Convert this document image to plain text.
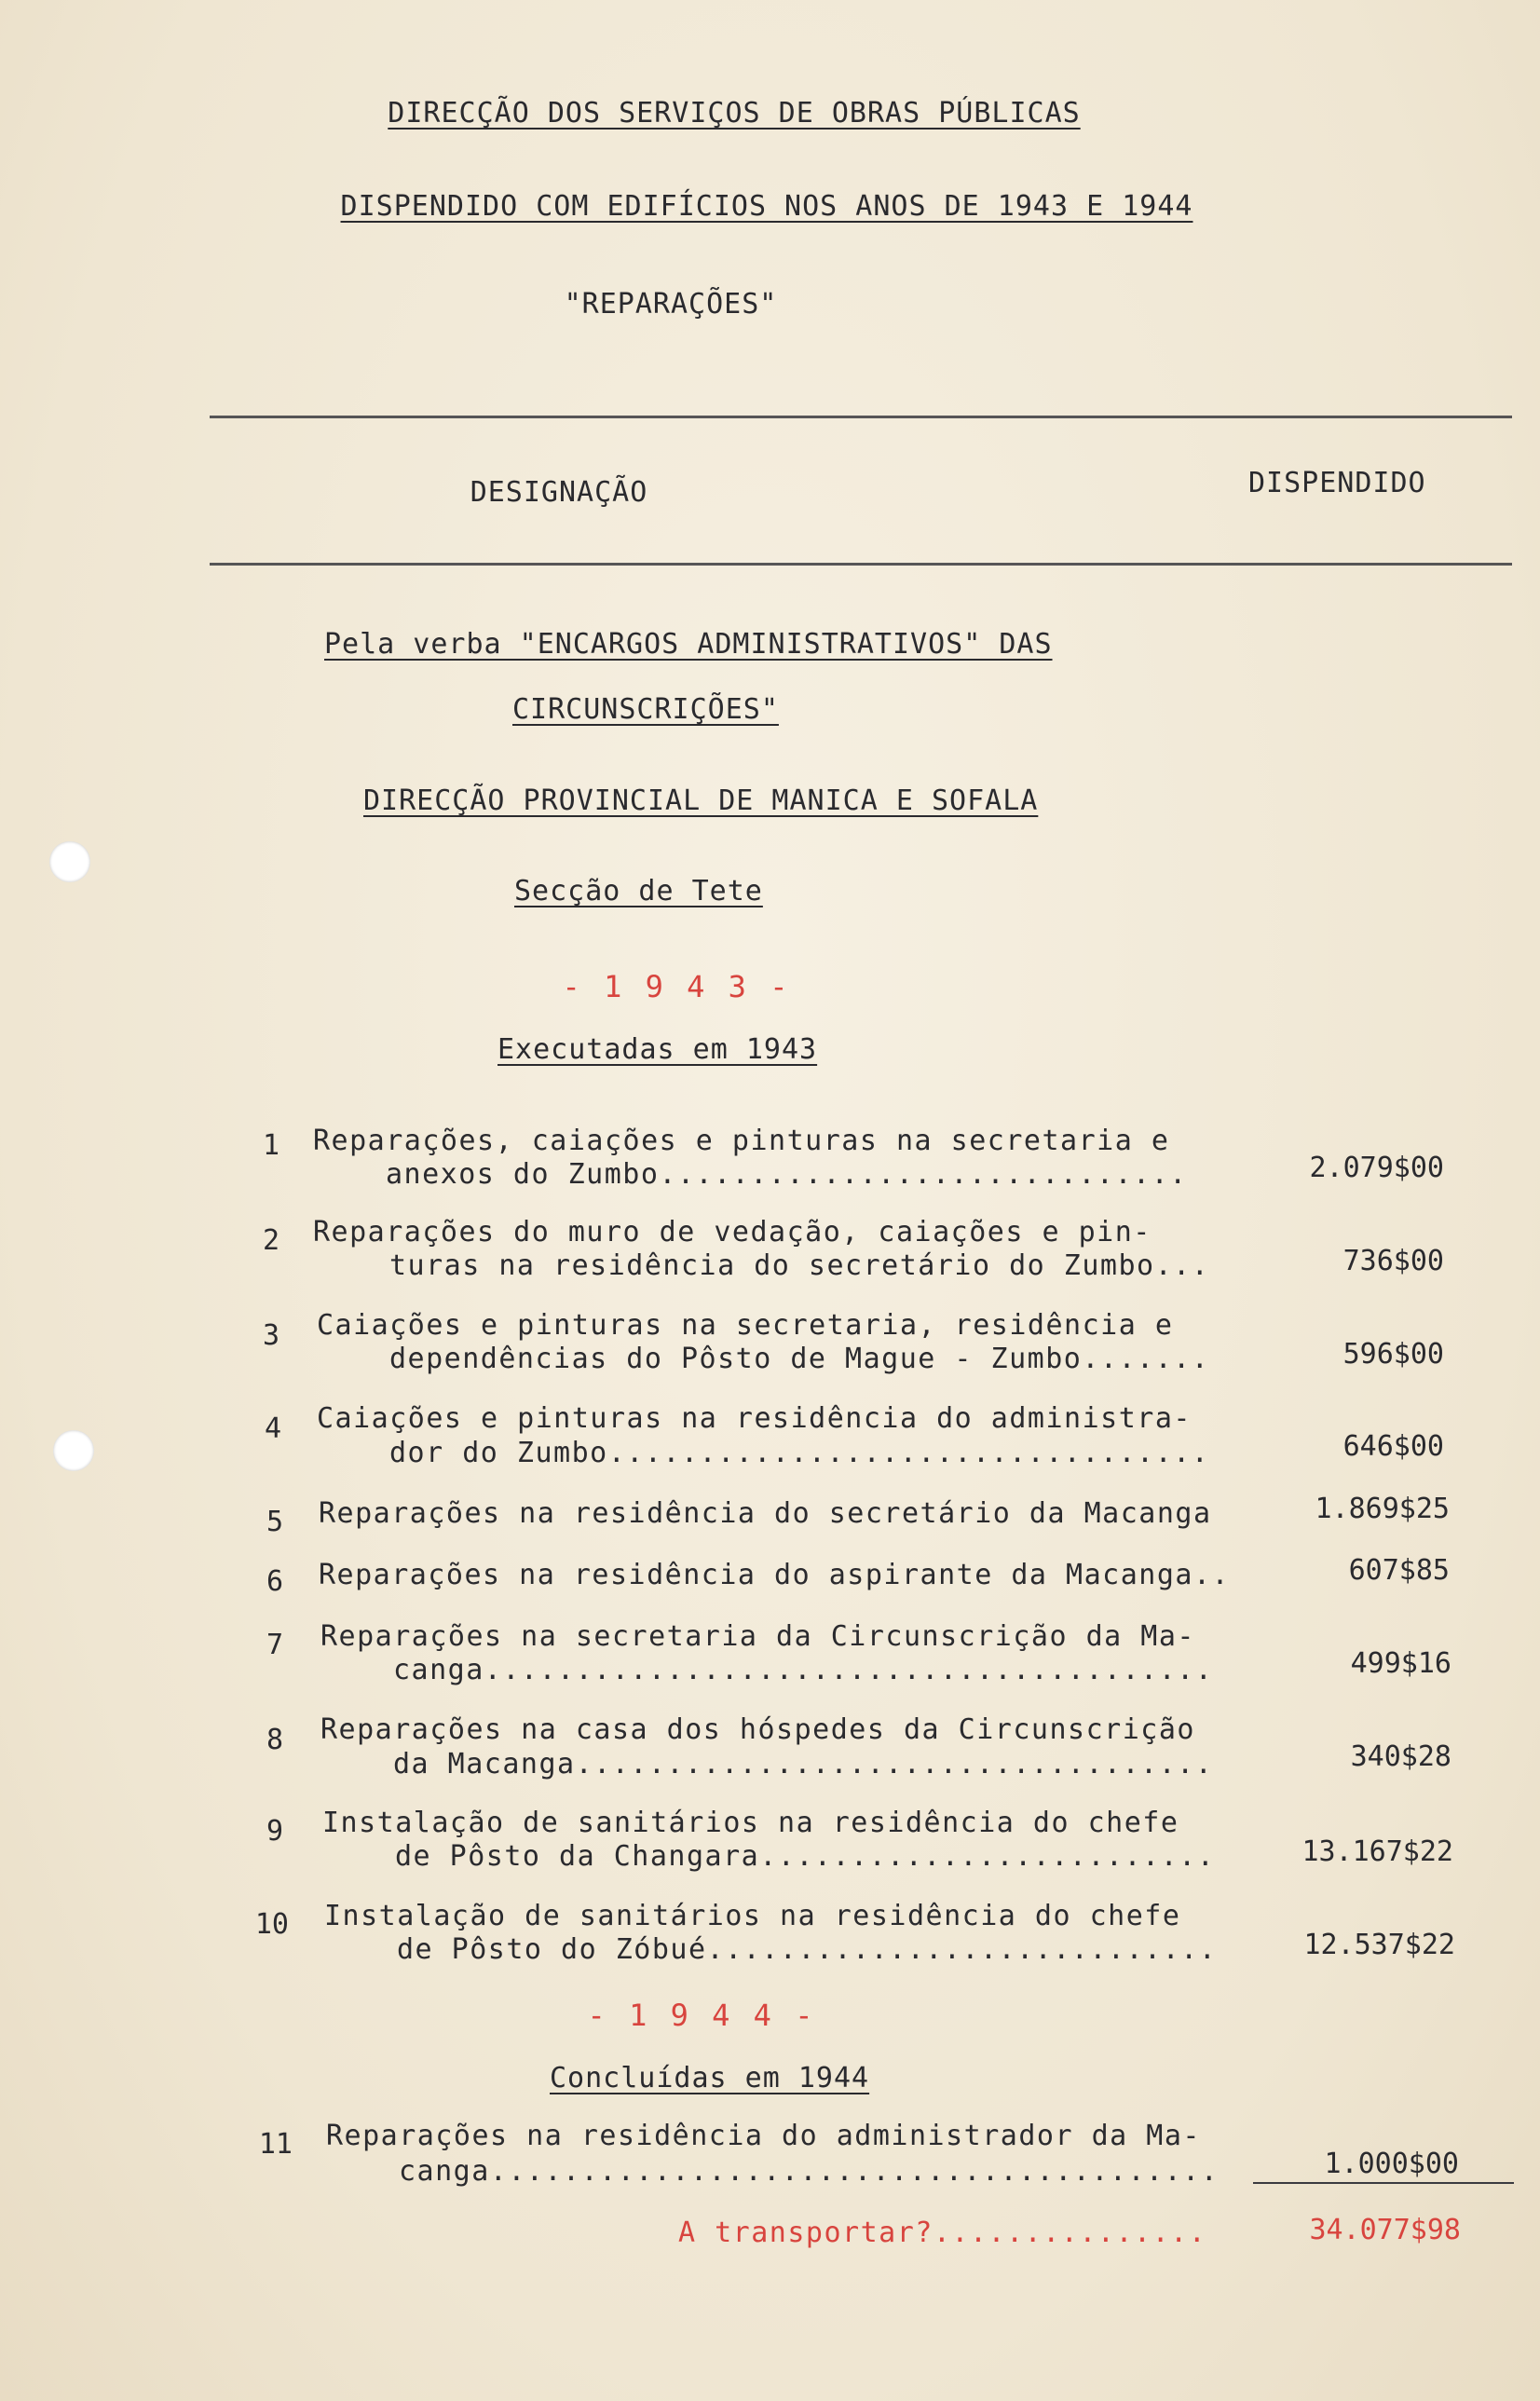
DIRECÇÃO DOS SERVIÇOS DE OBRAS PÚBLICAS
DISPENDIDO COM EDIFÍCIOS NOS ANOS DE 1943 E 1944
"REPARAÇÕES"
DESIGNAÇÃO	DISPENDIDO
Pela verba "ENCARGOS ADMINISTRATIVOS" DAS
CIRCUNSCRIÇÕES"
DIRECÇÃO PROVINCIAL DE MANICA E SOFALA
Secção de Tete
- 1 9 4 3 -
Executadas em 1943
1 Reparações, caiações e pinturas na secretaria e
anexos do Zumbo.............................	2.079$00
2 Reparações do muro de vedação, caiações e pin-
turas na residência do secretário do Zumbo...	736$00
3 Caiações e pinturas na secretaria, residência e
dependências do Pôsto de Mague - Zumbo.......	596$00
4 Caiações e pinturas na residência do administra-
dor do Zumbo.................................	646$00
5 Reparações na residência do secretário da Macanga	1.869$25
6 Reparações na residência do aspirante da Macanga..	607$85
7 Reparações na secretaria da Circunscrição da Ma-
canga........................................	499$16
8 Reparações na casa dos hóspedes da Circunscrição
da Macanga...................................	340$28
9 Instalação de sanitários na residência do chefe
de Pôsto da Changara.........................	13.167$22
10 Instalação de sanitários na residência do chefe
de Pôsto do Zóbué............................	12.537$22
- 1 9 4 4 -
Concluídas em 1944
11 Reparações na residência do administrador da Ma-
canga........................................	1.000$00
A transportar?...............	34.077$98
